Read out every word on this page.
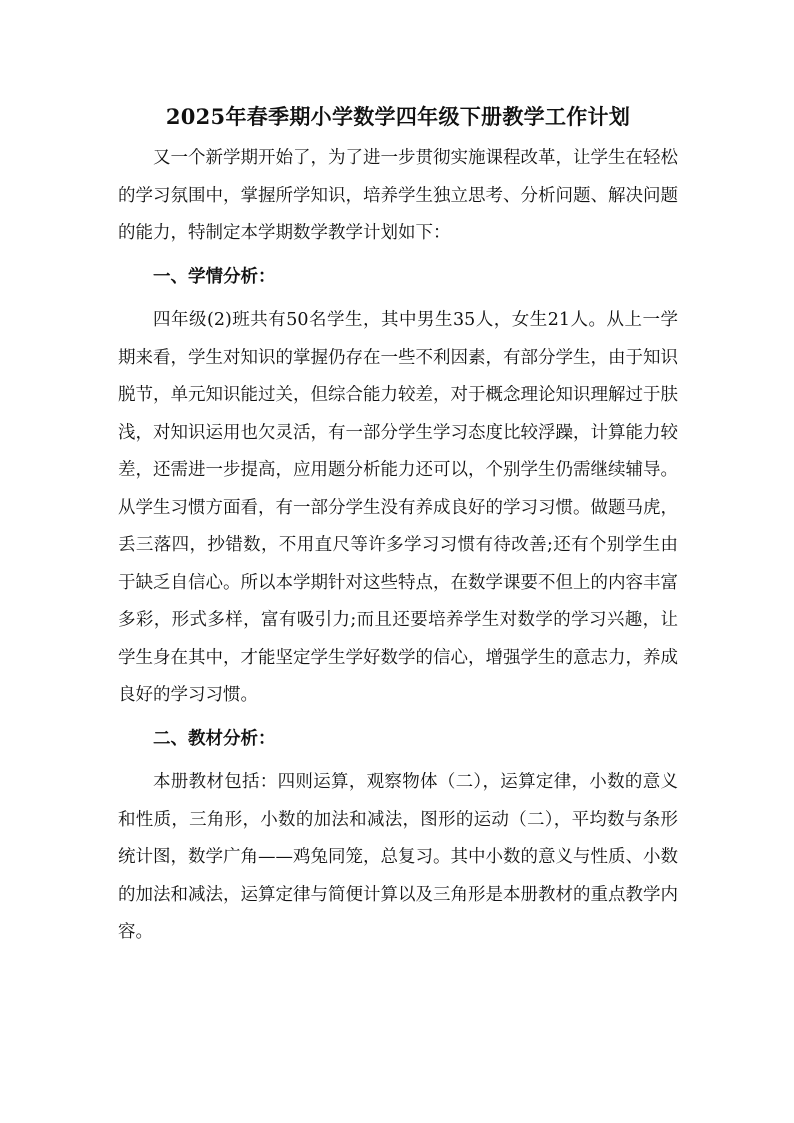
2025年春季期小学数学四年级下册教学工作计划

又一个新学期开始了，为了进一步贯彻实施课程改革，让学生在轻松的学习氛围中，掌握所学知识，培养学生独立思考、分析问题、解决问题的能力，特制定本学期数学教学计划如下：

一、学情分析：

四年级(2)班共有50名学生，其中男生35人，女生21人。从上一学期来看，学生对知识的掌握仍存在一些不利因素，有部分学生，由于知识脱节，单元知识能过关，但综合能力较差，对于概念理论知识理解过于肤浅，对知识运用也欠灵活，有一部分学生学习态度比较浮躁，计算能力较差，还需进一步提高，应用题分析能力还可以，个别学生仍需继续辅导。从学生习惯方面看，有一部分学生没有养成良好的学习习惯。做题马虎，丢三落四，抄错数，不用直尺等许多学习习惯有待改善;还有个别学生由于缺乏自信心。所以本学期针对这些特点，在数学课要不但上的内容丰富多彩，形式多样，富有吸引力;而且还要培养学生对数学的学习兴趣，让学生身在其中，才能坚定学生学好数学的信心，增强学生的意志力，养成良好的学习习惯。

二、教材分析：

本册教材包括：四则运算，观察物体（二），运算定律，小数的意义和性质，三角形，小数的加法和减法，图形的运动（二），平均数与条形统计图，数学广角——鸡兔同笼，总复习。其中小数的意义与性质、小数的加法和减法，运算定律与简便计算以及三角形是本册教材的重点教学内容。
